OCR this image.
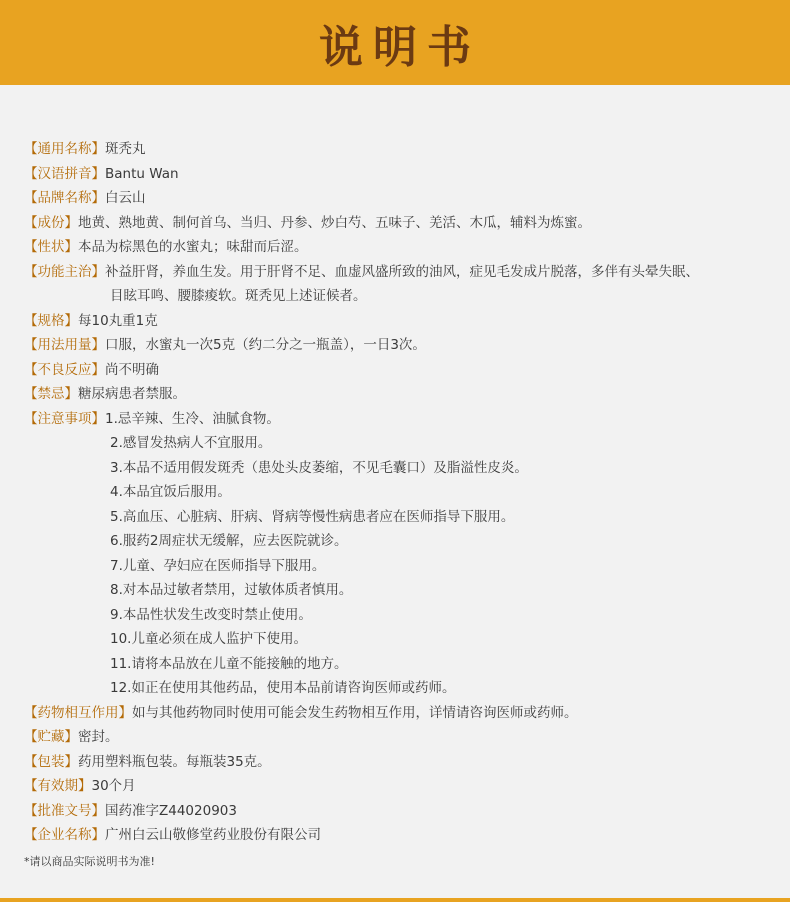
说明书
【通用名称】 斑秃丸
【汉语拼音】 Bantu Wan
【品牌名称】 白云山
【成份】 地黄、熟地黄、制何首乌、当归、丹参、炒白芍、五味子、羌活、木瓜，辅料为炼蜜。
【性状】 本品为棕黑色的水蜜丸；味甜而后涩。
【功能主治】 补益肝肾，养血生发。用于肝肾不足、血虚风盛所致的油风，症见毛发成片脱落，多伴有头晕失眠、
目眩耳鸣、腰膝痠软。斑秃见上述证候者。
【规格】 每10丸重1克
【用法用量】 口服，水蜜丸一次5克（约二分之一瓶盖），一日3次。
【不良反应】 尚不明确
【禁忌】 糖尿病患者禁服。
【注意事项】 1.忌辛辣、生冷、油腻食物。
2.感冒发热病人不宜服用。
3.本品不适用假发斑秃（患处头皮萎缩，不见毛囊口）及脂溢性皮炎。
4.本品宜饭后服用。
5.高血压、心脏病、肝病、肾病等慢性病患者应在医师指导下服用。
6.服药2周症状无缓解，应去医院就诊。
7.儿童、孕妇应在医师指导下服用。
8.对本品过敏者禁用，过敏体质者慎用。
9.本品性状发生改变时禁止使用。
10.儿童必须在成人监护下使用。
11.请将本品放在儿童不能接触的地方。
12.如正在使用其他药品，使用本品前请咨询医师或药师。
【药物相互作用】 如与其他药物同时使用可能会发生药物相互作用，详情请咨询医师或药师。
【贮藏】 密封。
【包装】 药用塑料瓶包装。每瓶装35克。
【有效期】 30个月
【批准文号】 国药准字Z44020903
【企业名称】 广州白云山敬修堂药业股份有限公司
*请以商品实际说明书为准!
